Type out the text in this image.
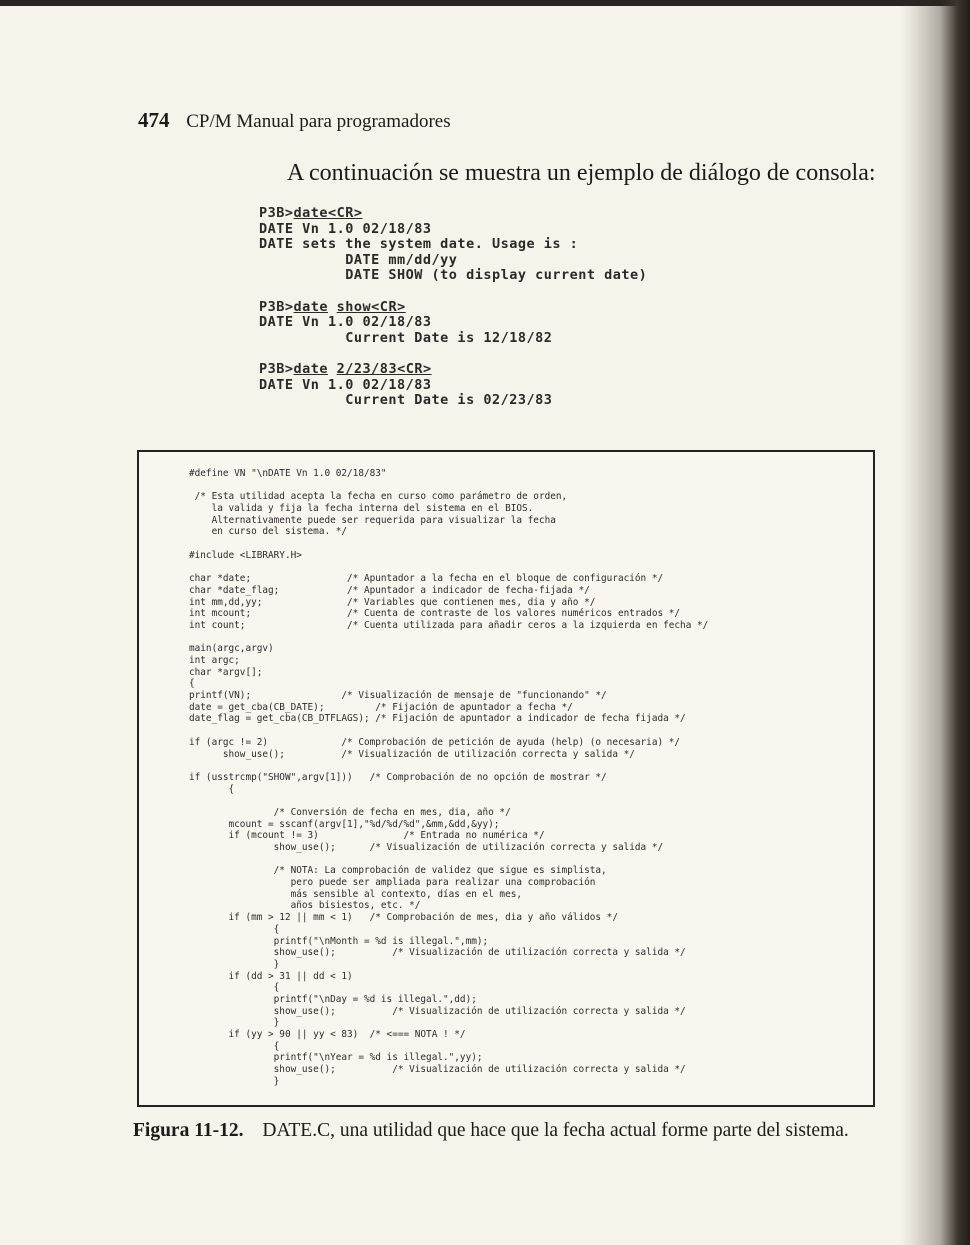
474 CP/M Manual para programadores
A continuación se muestra un ejemplo de diálogo de consola:
P3B>date<CR>
DATE Vn 1.0 02/18/83
DATE sets the system date. Usage is :
DATE mm/dd/yy
DATE SHOW (to display current date)
P3B>date show<CR>
DATE Vn 1.0 02/18/83
Current Date is 12/18/82
P3B>date 2/23/83<CR>
DATE Vn 1.0 02/18/83
Current Date is 02/23/83
#define VN "\nDATE Vn 1.0 02/18/83"
/* Esta utilidad acepta la fecha en curso como parámetro de orden,
la valida y fija la fecha interna del sistema en el BIOS.
Alternativamente puede ser requerida para visualizar la fecha
en curso del sistema. */
#include <LIBRARY.H>
char *date;                 /* Apuntador a la fecha en el bloque de configuración */
char *date_flag;            /* Apuntador a indicador de fecha-fijada */
int mm,dd,yy;               /* Variables que contienen mes, dia y año */
int mcount;                 /* Cuenta de contraste de los valores numéricos entrados */
int count;                  /* Cuenta utilizada para añadir ceros a la izquierda en fecha */
main(argc,argv)
int argc;
char *argv[];
{
printf(VN);                /* Visualización de mensaje de "funcionando" */
date = get_cba(CB_DATE);         /* Fijación de apuntador a fecha */
date_flag = get_cba(CB_DTFLAGS); /* Fijación de apuntador a indicador de fecha fijada */
if (argc != 2)             /* Comprobación de petición de ayuda (help) (o necesaria) */
show_use();          /* Visualización de utilización correcta y salida */
if (usstrcmp("SHOW",argv[1]))   /* Comprobación de no opción de mostrar */
{
/* Conversión de fecha en mes, dia, año */
mcount = sscanf(argv[1],"%d/%d/%d",&mm,&dd,&yy);
if (mcount != 3)               /* Entrada no numérica */
show_use();      /* Visualización de utilización correcta y salida */
/* NOTA: La comprobación de validez que sigue es simplista,
pero puede ser ampliada para realizar una comprobación
más sensible al contexto, días en el mes,
años bisiestos, etc. */
if (mm > 12 || mm < 1)   /* Comprobación de mes, dia y año válidos */
{
printf("\nMonth = %d is illegal.",mm);
show_use();          /* Visualización de utilización correcta y salida */
}
if (dd > 31 || dd < 1)
{
printf("\nDay = %d is illegal.",dd);
show_use();          /* Visualización de utilización correcta y salida */
}
if (yy > 90 || yy < 83)  /* <=== NOTA ! */
{
printf("\nYear = %d is illegal.",yy);
show_use();          /* Visualización de utilización correcta y salida */
}
Figura 11-12. DATE.C, una utilidad que hace que la fecha actual forme parte del sistema.
